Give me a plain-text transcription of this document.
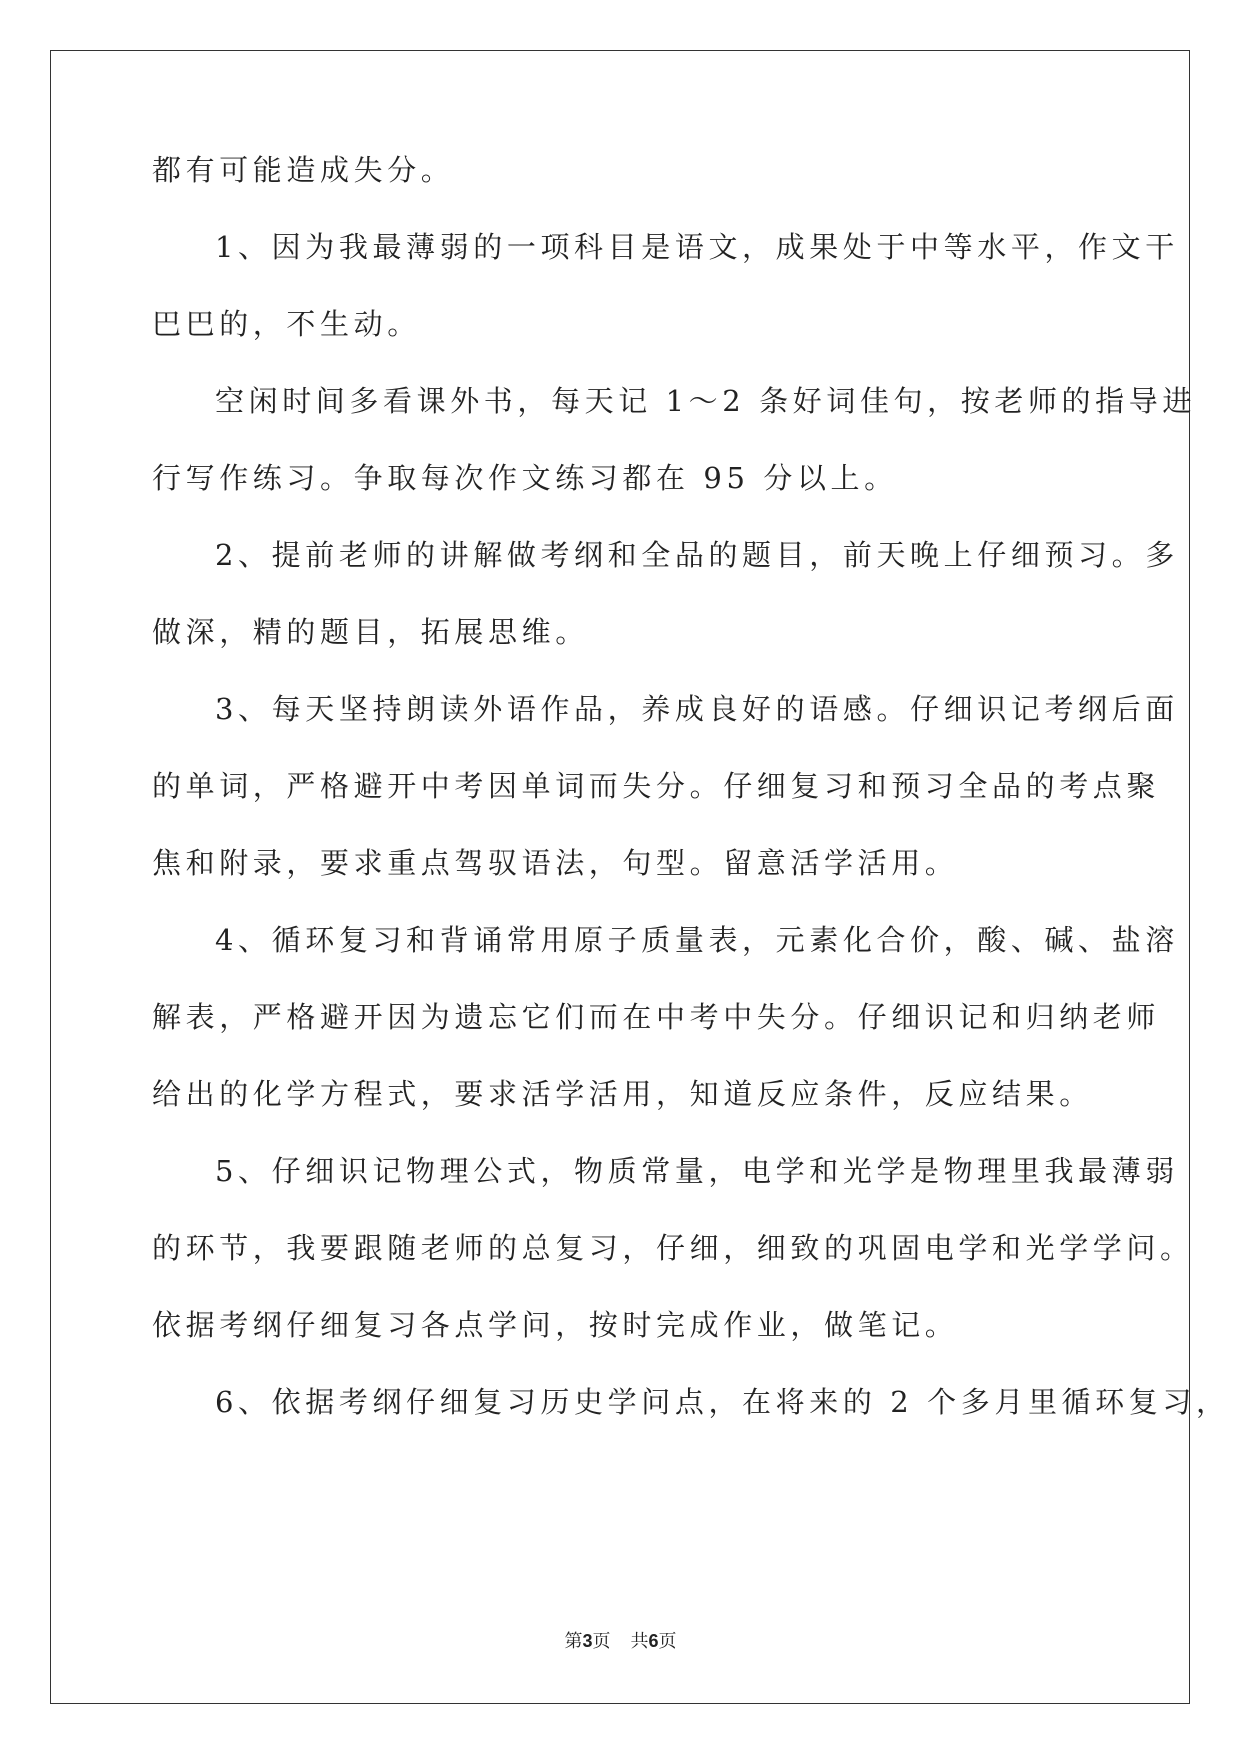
都有可能造成失分。
1、因为我最薄弱的一项科目是语文，成果处于中等水平，作文干
巴巴的，不生动。
空闲时间多看课外书，每天记 1～2 条好词佳句，按老师的指导进
行写作练习。争取每次作文练习都在 95 分以上。
2、提前老师的讲解做考纲和全品的题目，前天晚上仔细预习。多
做深，精的题目，拓展思维。
3、每天坚持朗读外语作品，养成良好的语感。仔细识记考纲后面
的单词，严格避开中考因单词而失分。仔细复习和预习全品的考点聚
焦和附录，要求重点驾驭语法，句型。留意活学活用。
4、循环复习和背诵常用原子质量表，元素化合价，酸、碱、盐溶
解表，严格避开因为遗忘它们而在中考中失分。仔细识记和归纳老师
给出的化学方程式，要求活学活用，知道反应条件，反应结果。
5、仔细识记物理公式，物质常量，电学和光学是物理里我最薄弱
的环节，我要跟随老师的总复习，仔细，细致的巩固电学和光学学问。
依据考纲仔细复习各点学问，按时完成作业，做笔记。
6、依据考纲仔细复习历史学问点，在将来的 2 个多月里循环复习，
第3页 共6页
